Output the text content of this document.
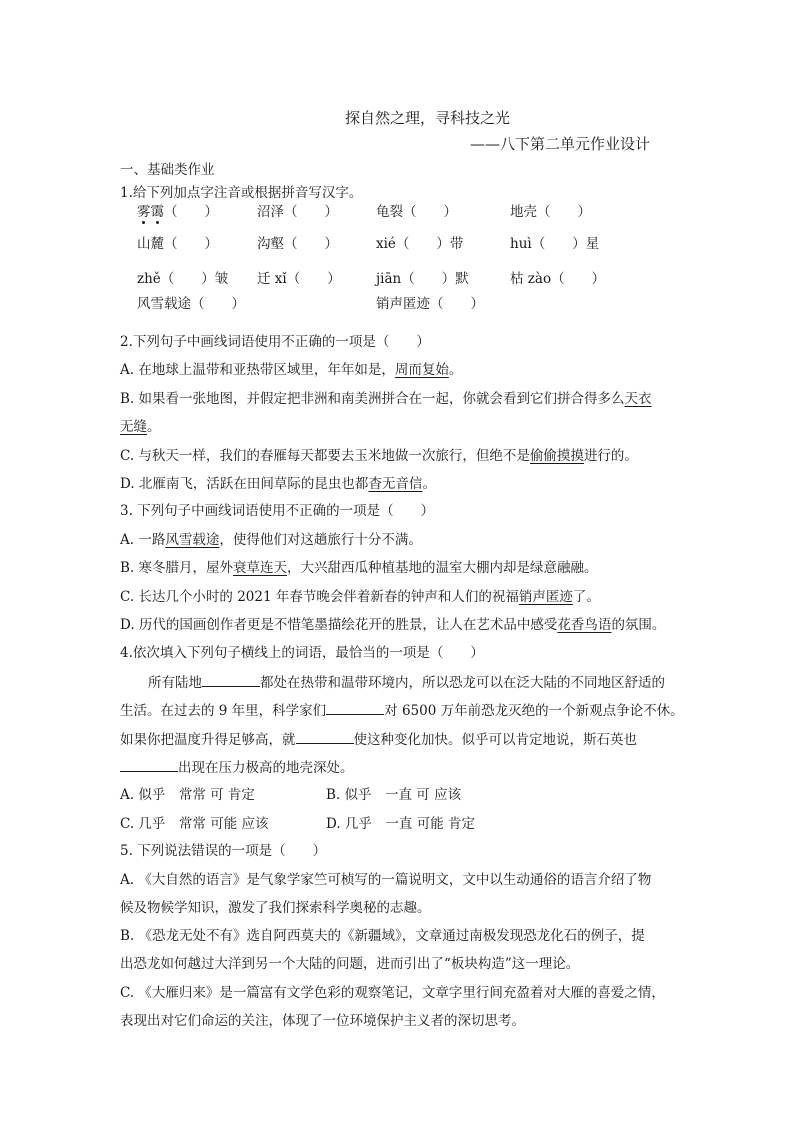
探自然之理，寻科技之光
——八下第二单元作业设计
一、基础类作业
1.给下列加点字注音或根据拼音写汉字。
雾霭（　　 ）	沼泽（　　）	龟裂（　　）	地壳（　　）
山麓（　　）	沟壑（　　）	xié（　　）带	huì（　　）星
zhě（　　）皱 迁 xǐ（　　）	jiān（　　）默	枯 zào（　　）
风雪载途（　　）	销声匿迹（　　）
2.下列句子中画线词语使用不正确的一项是（　　）
A. 在地球上温带和亚热带区域里，年年如是，周而复始。
B. 如果看一张地图，并假定把非洲和南美洲拼合在一起，你就会看到它们拼合得多么天衣
无缝。
C. 与秋天一样，我们的春雁每天都要去玉米地做一次旅行，但绝不是偷偷摸摸进行的。
D. 北雁南飞，活跃在田间草际的昆虫也都杳无音信。
3. 下列句子中画线词语使用不正确的一项是（　　）
A. 一路风雪载途，使得他们对这趟旅行十分不满。
B. 寒冬腊月，屋外衰草连天，大兴甜西瓜种植基地的温室大棚内却是绿意融融。
C. 长达几个小时的 2021 年春节晚会伴着新春的钟声和人们的祝福销声匿迹了。
D. 历代的国画创作者更是不惜笔墨描绘花开的胜景，让人在艺术品中感受花香鸟语的氛围。
4.依次填入下列句子横线上的词语，最恰当的一项是（　　）
所有陆地	都处在热带和温带环境内，所以恐龙可以在泛大陆的不同地区舒适的
生活。在过去的 9 年里，科学家们	对 6500 万年前恐龙灭绝的一个新观点争论不休。
如果你把温度升得足够高，就	使这种变化加快。似乎可以肯定地说，斯石英也
出现在压力极高的地壳深处。
A. 似乎　常常 可 肯定	B. 似乎　一直 可 应该
C. 几乎　常常 可能 应该	D. 几乎　一直 可能 肯定
5. 下列说法错误的一项是（　　）
A. 《大自然的语言》是气象学家竺可桢写的一篇说明文，文中以生动通俗的语言介绍了物
候及物候学知识，激发了我们探索科学奥秘的志趣。
B. 《恐龙无处不有》选自阿西莫夫的《新疆域》，文章通过南极发现恐龙化石的例子，提
出恐龙如何越过大洋到另一个大陆的问题，进而引出了“板块构造”这一理论。
C. 《大雁归来》是一篇富有文学色彩的观察笔记，文章字里行间充盈着对大雁的喜爱之情，
表现出对它们命运的关注，体现了一位环境保护主义者的深切思考。
